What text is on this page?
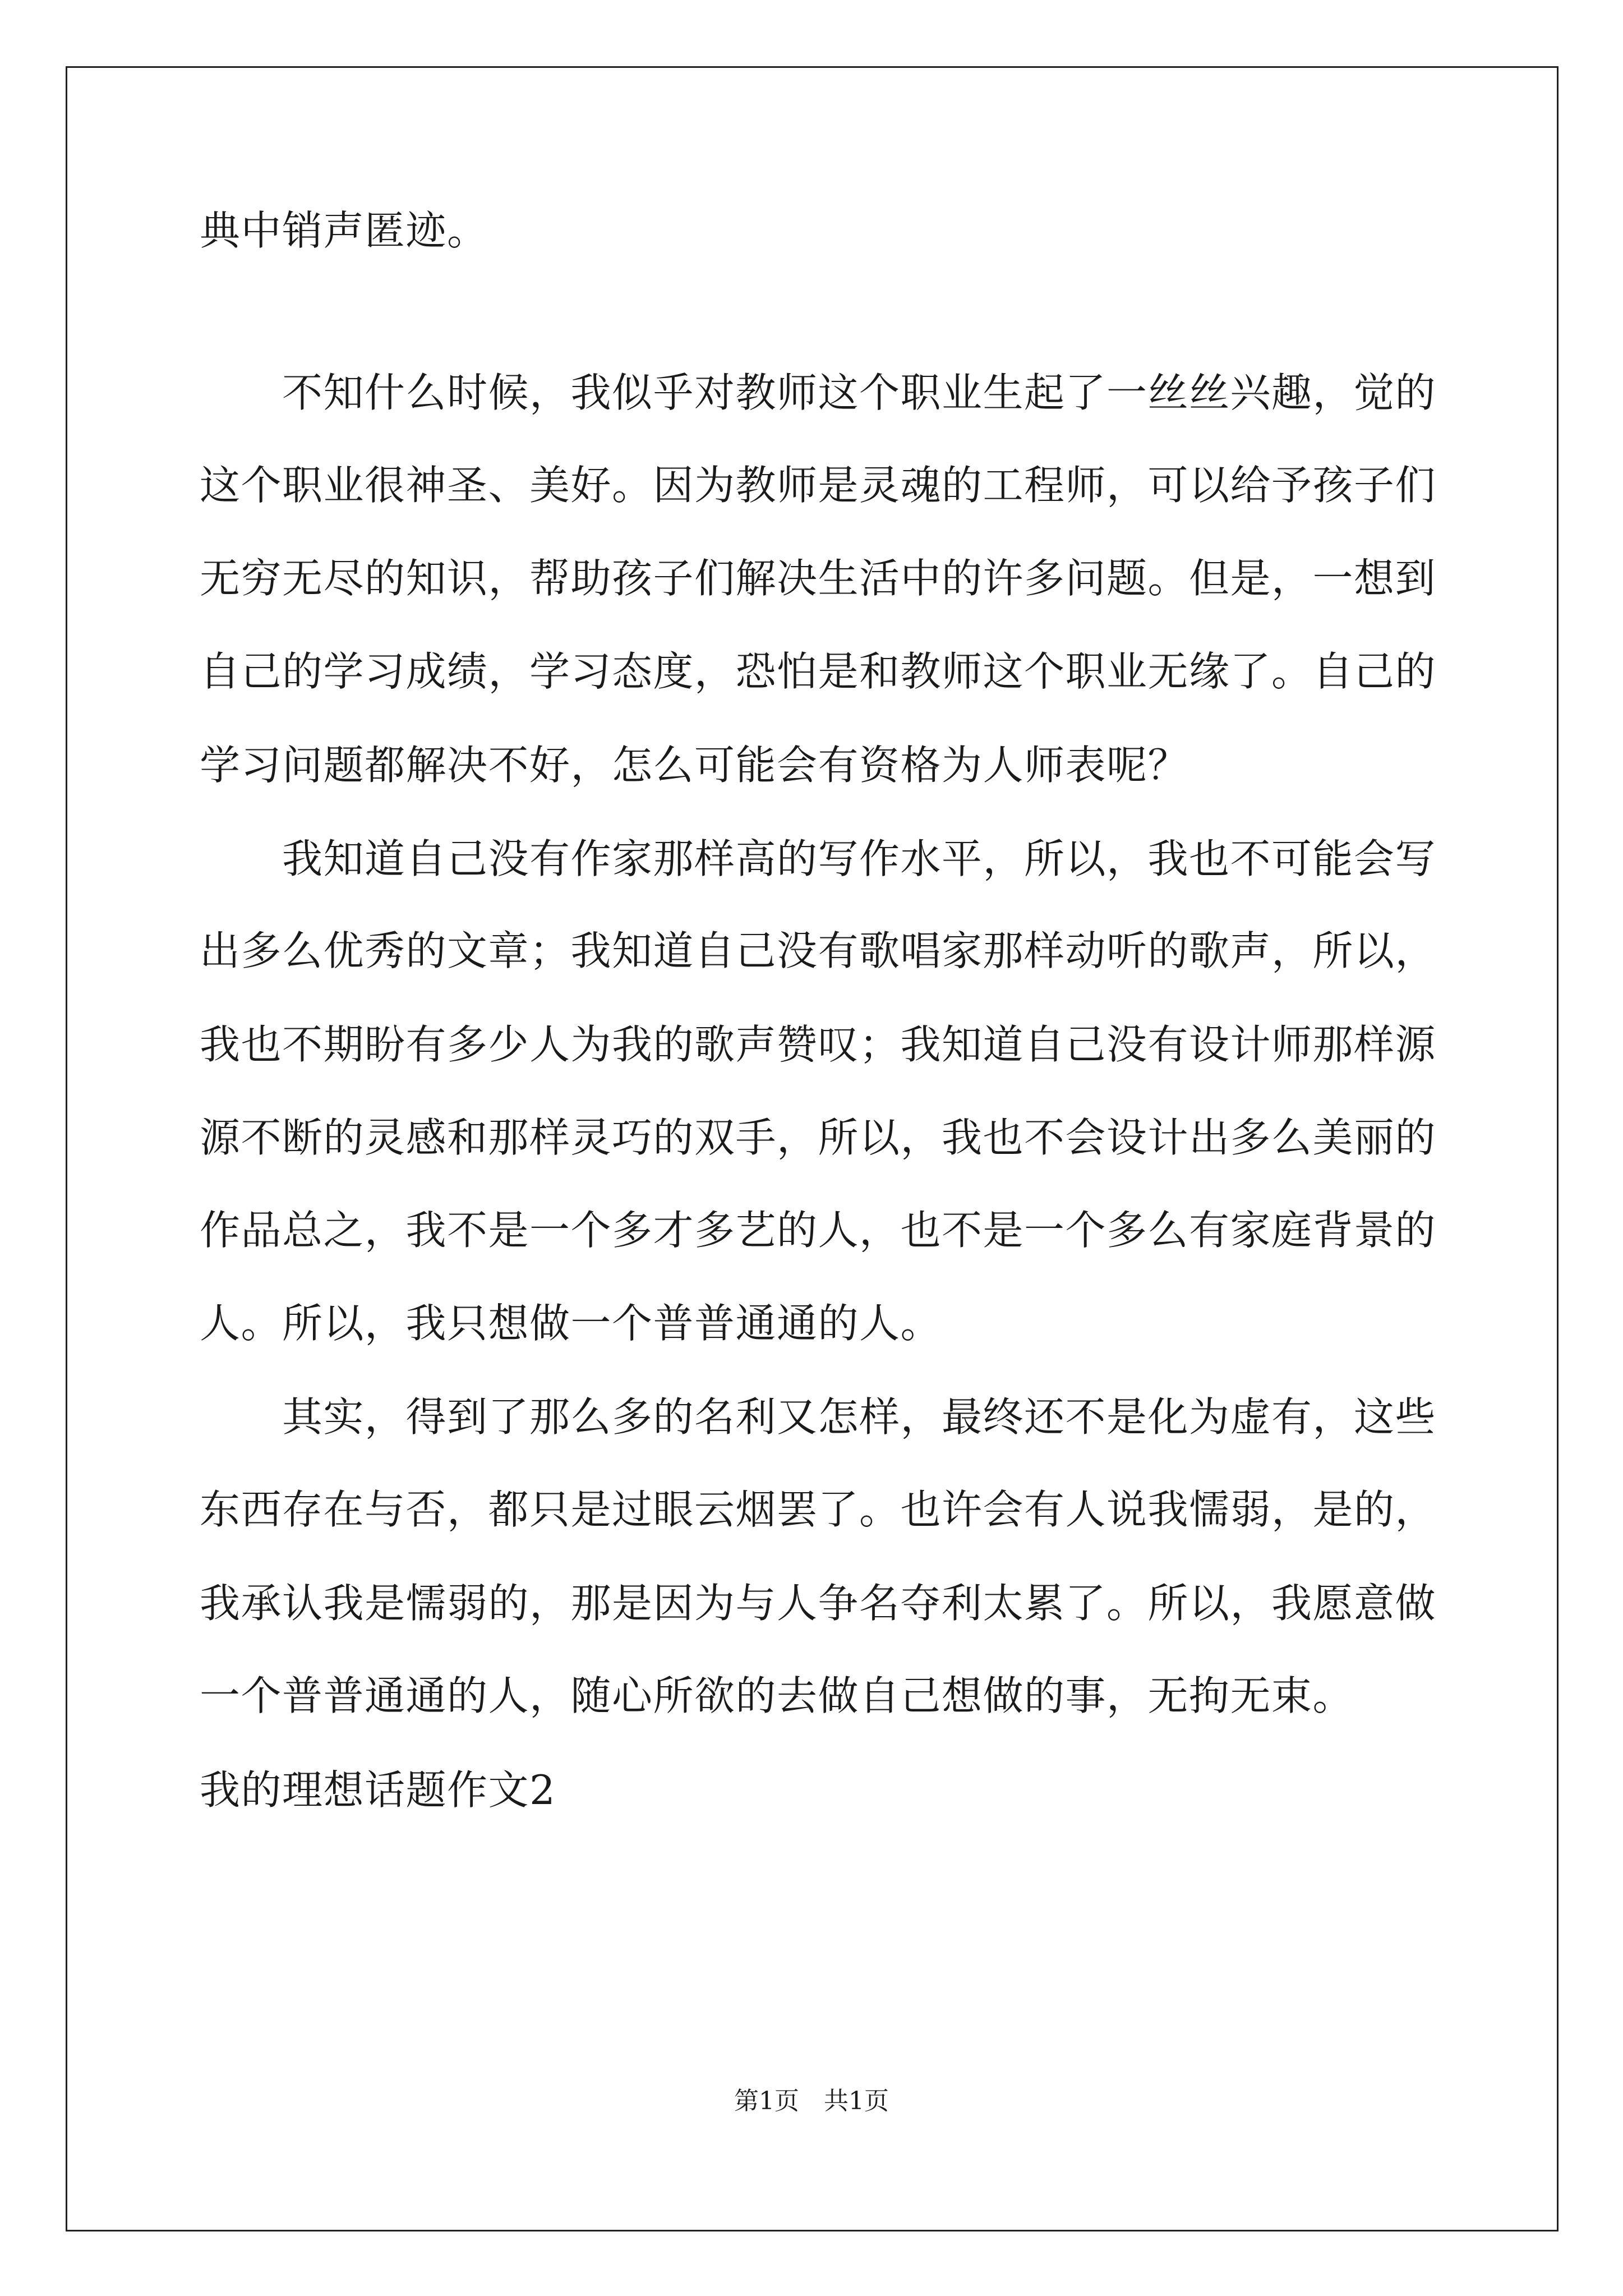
典中销声匿迹。

　　不知什么时候，我似乎对教师这个职业生起了一丝丝兴趣，觉的

这个职业很神圣、美好。因为教师是灵魂的工程师，可以给予孩子们

无穷无尽的知识，帮助孩子们解决生活中的许多问题。但是，一想到

自己的学习成绩，学习态度，恐怕是和教师这个职业无缘了。自己的

学习问题都解决不好，怎么可能会有资格为人师表呢？

　　我知道自己没有作家那样高的写作水平，所以，我也不可能会写

出多么优秀的文章；我知道自己没有歌唱家那样动听的歌声，所以，

我也不期盼有多少人为我的歌声赞叹；我知道自己没有设计师那样源

源不断的灵感和那样灵巧的双手，所以，我也不会设计出多么美丽的

作品总之，我不是一个多才多艺的人，也不是一个多么有家庭背景的

人。所以，我只想做一个普普通通的人。

　　其实，得到了那么多的名利又怎样，最终还不是化为虚有，这些

东西存在与否，都只是过眼云烟罢了。也许会有人说我懦弱，是的，

我承认我是懦弱的，那是因为与人争名夺利太累了。所以，我愿意做

一个普普通通的人，随心所欲的去做自己想做的事，无拘无束。

我的理想话题作文2

第1页　共1页
